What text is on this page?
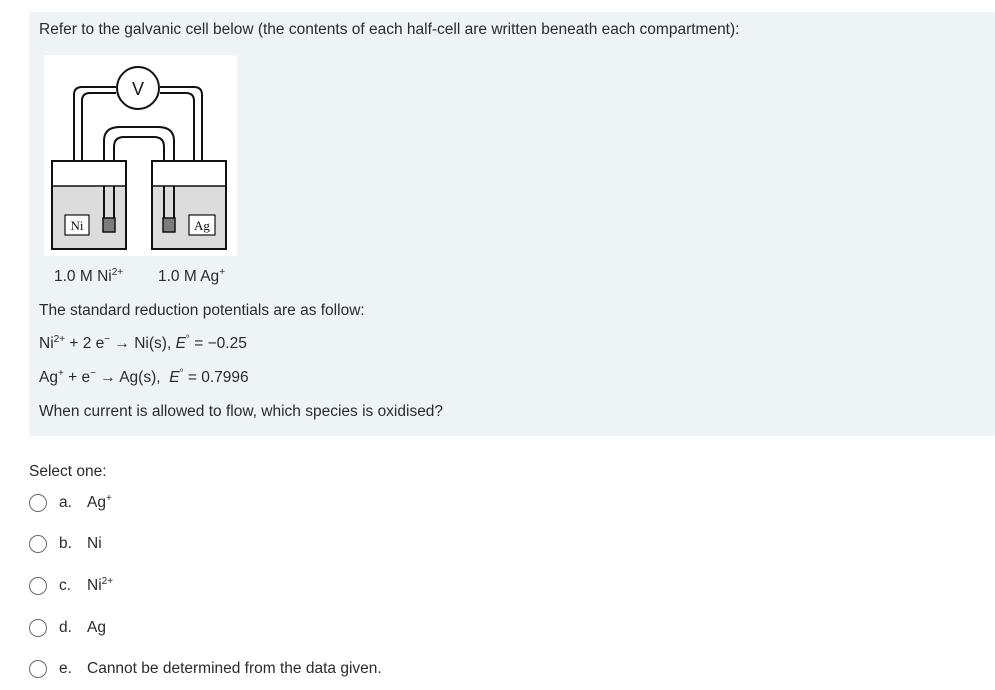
Refer to the galvanic cell below (the contents of each half-cell are written beneath each compartment):
V
Ni	Ag
1.0 M $Ni^{2+}$ 1.0 M Ag+
The standard reduction potentials are as follow:
$Ni^{2+} + 2$ e− → Ni(s), E° = −0.25
Ag+ + e− → Ag(s), E° = 0.7996
When current is allowed to flow, which species is oxidised?
Select one:
a. Ag+
b. Ni
c.	$Ni^{2+}$
d. Ag
e. Cannot be determined from the data given.
